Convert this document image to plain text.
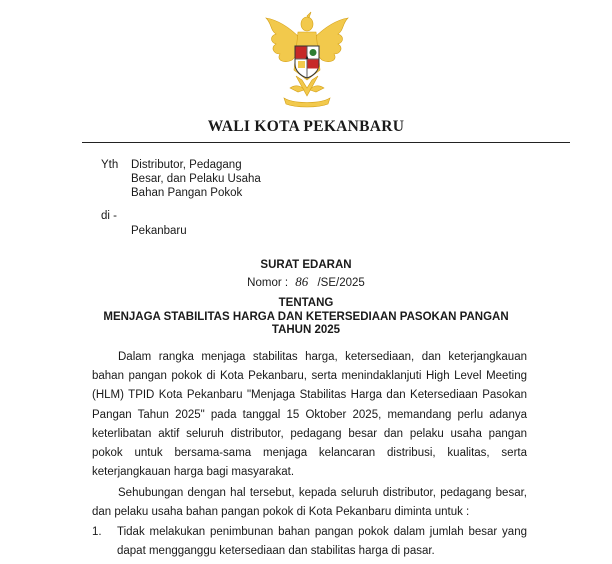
WALI KOTA PEKANBARU
Yth Distributor, Pedagang
Besar, dan Pelaku Usaha
Bahan Pangan Pokok
di -
Pekanbaru
SURAT EDARAN
Nomor : 86 /SE/2025
TENTANG
MENJAGA STABILITAS HARGA DAN KETERSEDIAAN PASOKAN PANGAN
TAHUN 2025
Dalam rangka menjaga stabilitas harga, ketersediaan, dan keterjangkauan bahan pangan pokok di Kota Pekanbaru, serta menindaklanjuti High Level Meeting (HLM) TPID Kota Pekanbaru "Menjaga Stabilitas Harga dan Ketersediaan Pasokan Pangan Tahun 2025" pada tanggal 15 Oktober 2025, memandang perlu adanya keterlibatan aktif seluruh distributor, pedagang besar dan pelaku usaha pangan pokok untuk bersama-sama menjaga kelancaran distribusi, kualitas, serta keterjangkauan harga bagi masyarakat.
Sehubungan dengan hal tersebut, kepada seluruh distributor, pedagang besar, dan pelaku usaha bahan pangan pokok di Kota Pekanbaru diminta untuk :
1. Tidak melakukan penimbunan bahan pangan pokok dalam jumlah besar yang dapat mengganggu ketersediaan dan stabilitas harga di pasar.
